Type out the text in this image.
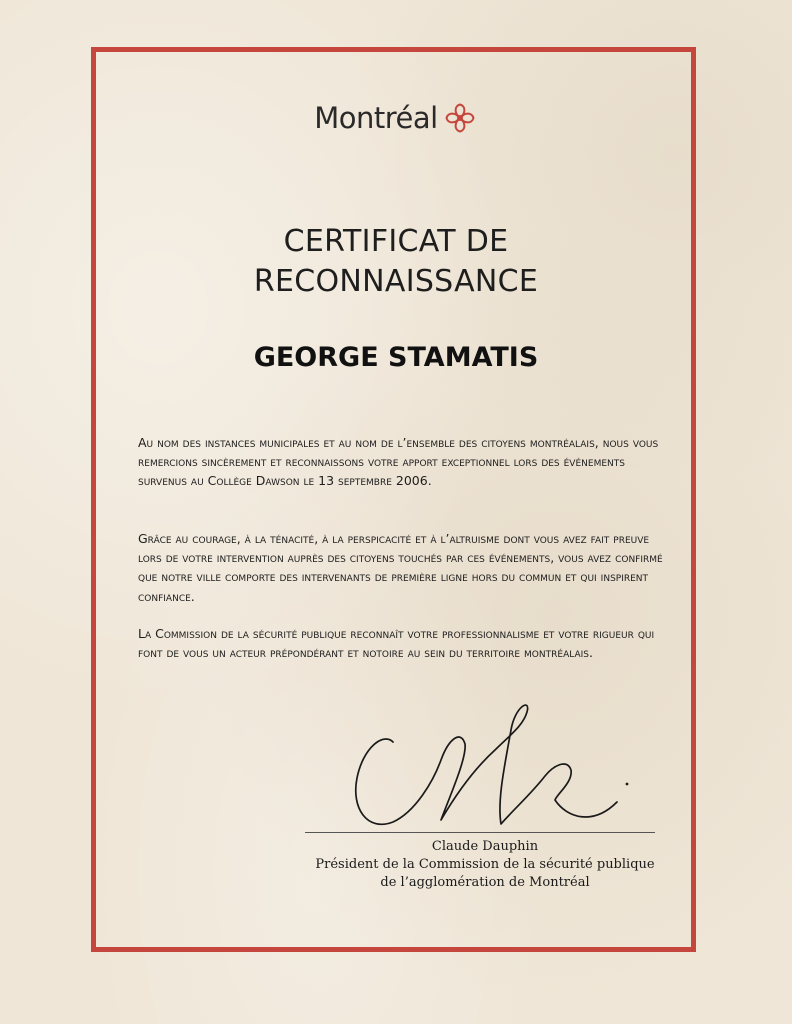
Montréal
CERTIFICAT DE
RECONNAISSANCE
GEORGE STAMATIS

Au nom des instances municipales et au nom de l’ensemble des citoyens montréalais, nous vous remercions sincèrement et reconnaissons votre apport exceptionnel lors des événements survenus au Collège Dawson le 13 septembre 2006.

Grâce au courage, à la ténacité, à la perspicacité et à l’altruisme dont vous avez fait preuve lors de votre intervention auprès des citoyens touchés par ces événements, vous avez confirmé que notre ville comporte des intervenants de première ligne hors du commun et qui inspirent confiance.

La Commission de la sécurité publique reconnaît votre professionnalisme et votre rigueur qui font de vous un acteur prépondérant et notoire au sein du territoire montréalais.

Claude Dauphin
Président de la Commission de la sécurité publique
de l’agglomération de Montréal
